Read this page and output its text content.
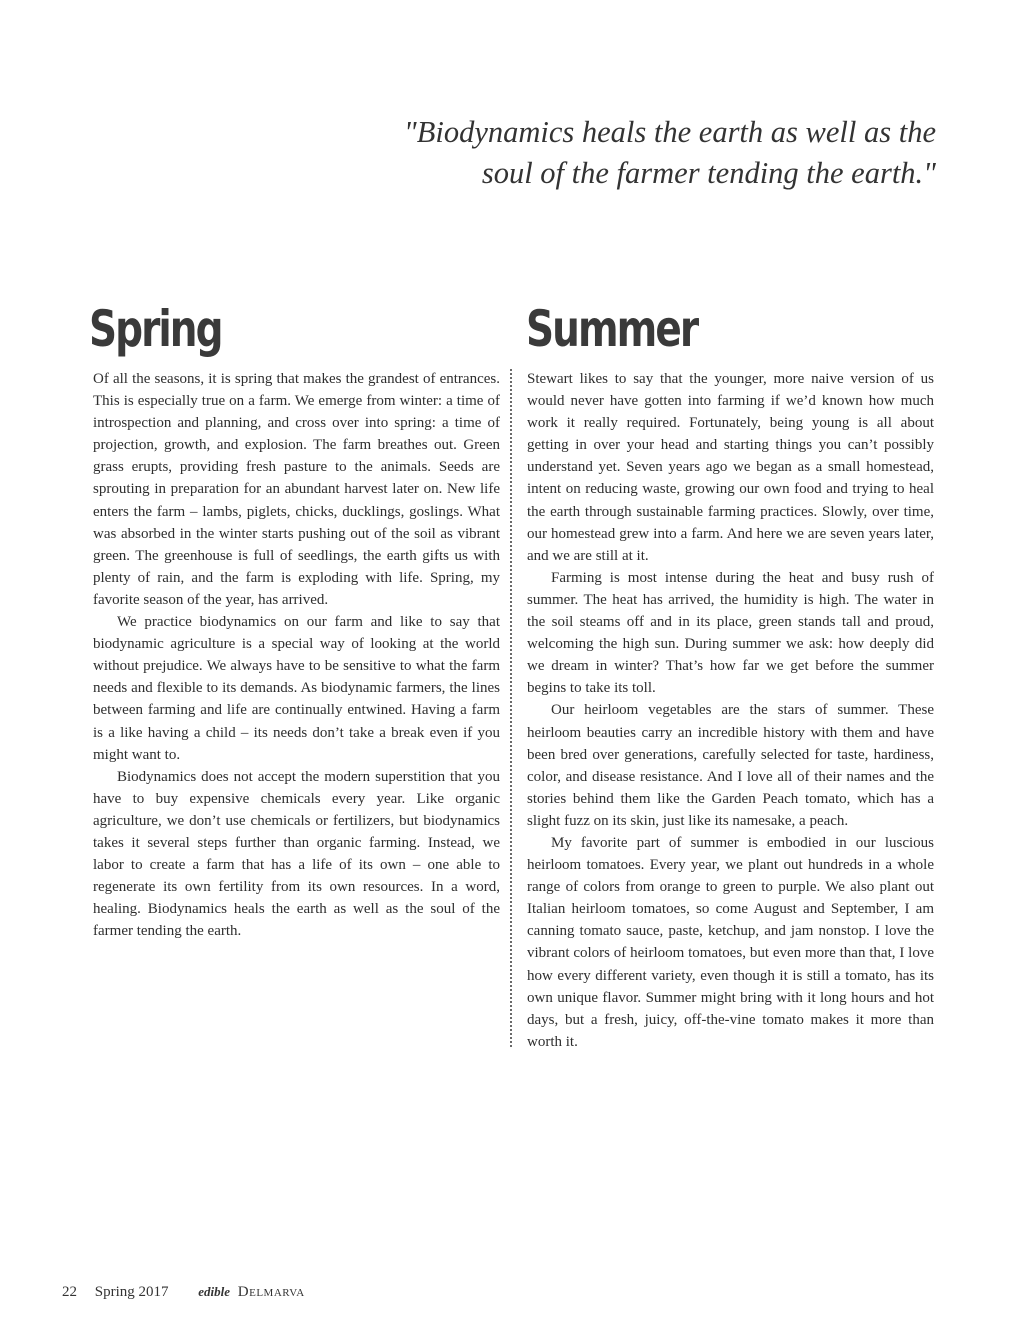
"Biodynamics heals the earth as well as the
soul of the farmer tending the earth."
Spring	Summer

Of all the seasons, it is spring that makes the grandest of entrances. This is especially true on a farm. We emerge from winter: a time of introspection and planning, and cross over into spring: a time of projection, growth, and explosion. The farm breathes out. Green grass erupts, providing fresh pasture to the animals. Seeds are sprouting in preparation for an abundant harvest later on. New life enters the farm – lambs, piglets, chicks, ducklings, goslings. What was absorbed in the winter starts pushing out of the soil as vibrant green. The greenhouse is full of seedlings, the earth gifts us with plenty of rain, and the farm is exploding with life. Spring, my favorite season of the year, has arrived.

We practice biodynamics on our farm and like to say that biodynamic agriculture is a special way of looking at the world without prejudice. We always have to be sensitive to what the farm needs and flexible to its demands. As biodynamic farmers, the lines between farming and life are continually entwined. Having a farm is a like having a child – its needs don’t take a break even if you might want to.

Biodynamics does not accept the modern superstition that you have to buy expensive chemicals every year. Like organic agriculture, we don’t use chemicals or fertilizers, but biodynamics takes it several steps further than organic farming. Instead, we labor to create a farm that has a life of its own – one able to regenerate its own fertility from its own resources. In a word, healing. Biodynamics heals the earth as well as the soul of the farmer tending the earth.

Stewart likes to say that the younger, more naive version of us would never have gotten into farming if we’d known how much work it really required. Fortunately, being young is all about getting in over your head and starting things you can’t possibly understand yet. Seven years ago we began as a small homestead, intent on reducing waste, growing our own food and trying to heal the earth through sustainable farming practices. Slowly, over time, our homestead grew into a farm. And here we are seven years later, and we are still at it.

Farming is most intense during the heat and busy rush of summer. The heat has arrived, the humidity is high. The water in the soil steams off and in its place, green stands tall and proud, welcoming the high sun. During summer we ask: how deeply did we dream in winter? That’s how far we get before the summer begins to take its toll.

Our heirloom vegetables are the stars of summer. These heirloom beauties carry an incredible history with them and have been bred over generations, carefully selected for taste, hardiness, color, and disease resistance. And I love all of their names and the stories behind them like the Garden Peach tomato, which has a slight fuzz on its skin, just like its namesake, a peach.

My favorite part of summer is embodied in our luscious heirloom tomatoes. Every year, we plant out hundreds in a whole range of colors from orange to green to purple. We also plant out Italian heirloom tomatoes, so come August and September, I am canning tomato sauce, paste, ketchup, and jam nonstop. I love the vibrant colors of heirloom tomatoes, but even more than that, I love how every different variety, even though it is still a tomato, has its own unique flavor. Summer might bring with it long hours and hot days, but a fresh, juicy, off-the-vine tomato makes it more than worth it.

22 Spring 2017 edible Delmarva
